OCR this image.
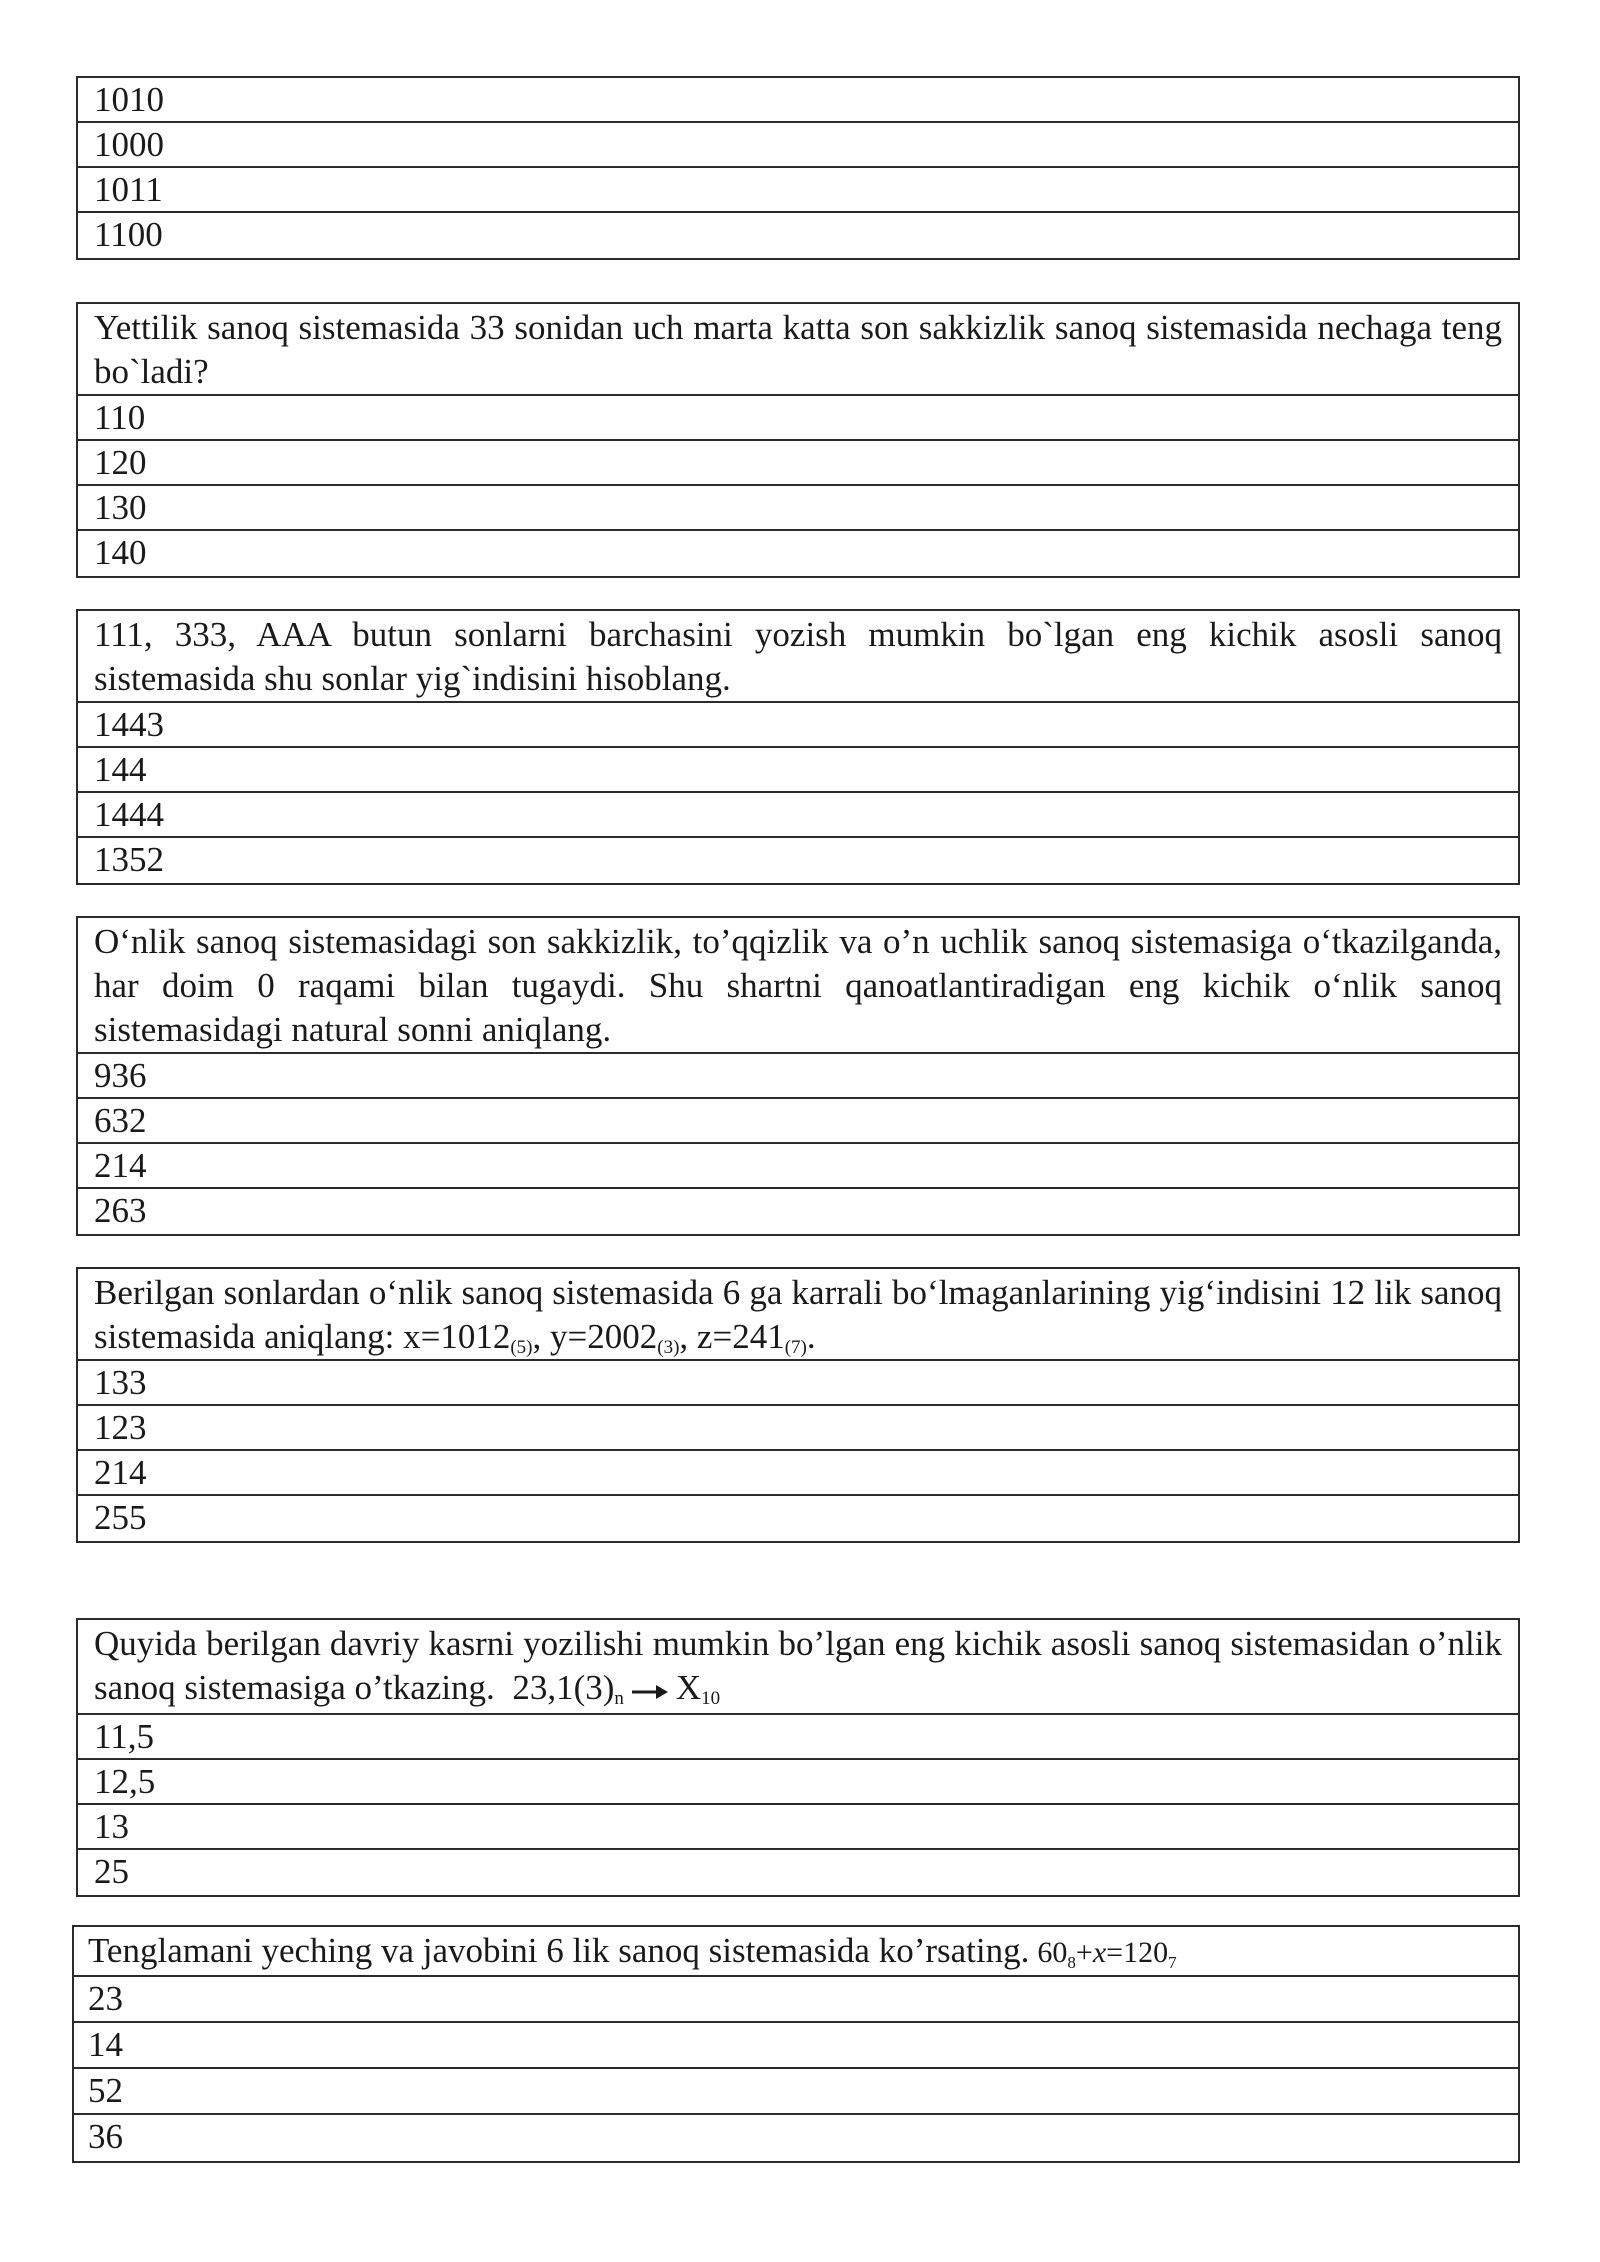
1010
1000
1011
1100
Yettilik sanoq sistemasida 33 sonidan uch marta katta son sakkizlik sanoq sistemasida nechaga teng bo`ladi?
110
120
130
140
111, 333, AAA butun sonlarni barchasini yozish mumkin bo`lgan eng kichik asosli sanoq sistemasida shu sonlar yig`indisini hisoblang.
1443
144
1444
1352
O‘nlik sanoq sistemasidagi son sakkizlik, to’qqizlik va o’n uchlik sanoq sistemasiga o‘tkazilganda, har doim 0 raqami bilan tugaydi. Shu shartni qanoatlantiradigan eng kichik o‘nlik sanoq sistemasidagi natural sonni aniqlang.
936
632
214
263
Berilgan sonlardan o‘nlik sanoq sistemasida 6 ga karrali bo‘lmaganlarining yig‘indisini 12 lik sanoq sistemasida aniqlang: $x=1012_{(5)}$, $y=2002_{(3)}$, $z=241_{(7)}$.
133
123
214
255
Quyida berilgan davriy kasrni yozilishi mumkin bo’lgan eng kichik asosli sanoq sistemasidan o’nlik sanoq sistemasiga o’tkazing. $23,1(3)_n$ $X_{10}$
11,5
12,5
13
25
Tenglamani yeching va javobini 6 lik sanoq sistemasida ko’rsating. $60_8+x=120_7$
23
14
52
36
